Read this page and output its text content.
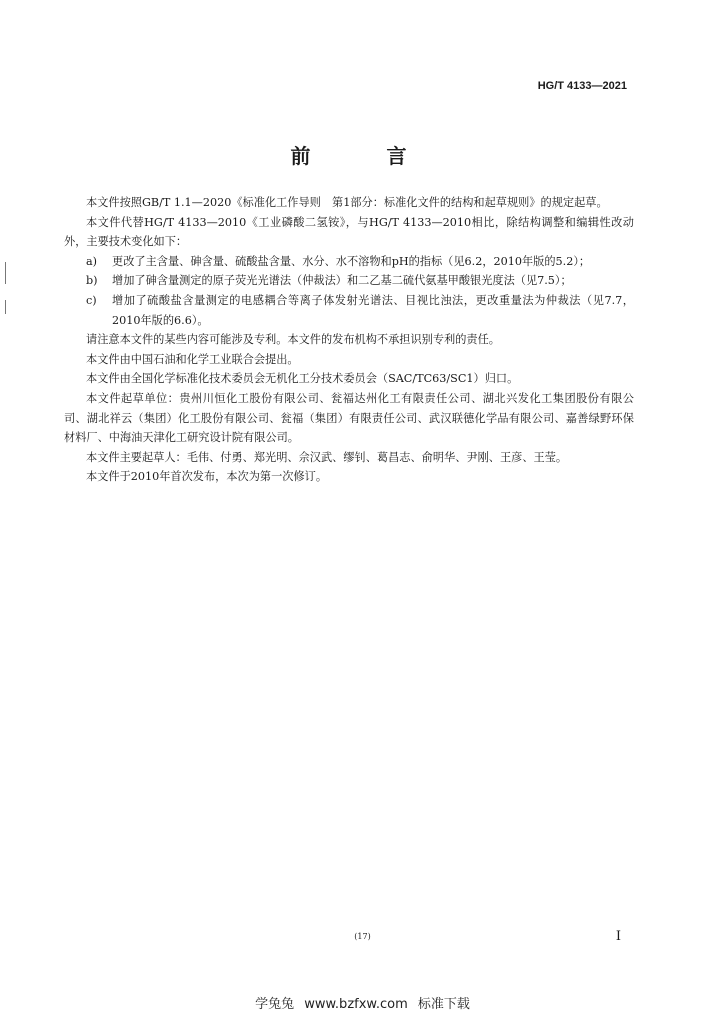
HG/T 4133—2021
前　言

本文件按照GB/T 1.1—2020《标准化工作导则　第1部分：标准化文件的结构和起草规则》的规定起草。

本文件代替HG/T 4133—2010《工业磷酸二氢铵》，与HG/T 4133—2010相比，除结构调整和编辑性改动外，主要技术变化如下：

a) 更改了主含量、砷含量、硫酸盐含量、水分、水不溶物和pH的指标（见6.2，2010年版的5.2）；
b) 增加了砷含量测定的原子荧光光谱法（仲裁法）和二乙基二硫代氨基甲酸银光度法（见7.5）；
c) 增加了硫酸盐含量测定的电感耦合等离子体发射光谱法、目视比浊法，更改重量法为仲裁法（见7.7，2010年版的6.6）。

请注意本文件的某些内容可能涉及专利。本文件的发布机构不承担识别专利的责任。

本文件由中国石油和化学工业联合会提出。

本文件由全国化学标准化技术委员会无机化工分技术委员会（SAC/TC63/SC1）归口。

本文件起草单位：贵州川恒化工股份有限公司、瓮福达州化工有限责任公司、湖北兴发化工集团股份有限公司、湖北祥云（集团）化工股份有限公司、瓮福（集团）有限责任公司、武汉联德化学品有限公司、嘉善绿野环保材料厂、中海油天津化工研究设计院有限公司。

本文件主要起草人：毛伟、付勇、郑光明、佘汉武、缪钊、葛昌志、俞明华、尹刚、王彦、王莹。

本文件于2010年首次发布，本次为第一次修订。

(17)	I
学兔兔 www.bzfxw.com 标准下载
